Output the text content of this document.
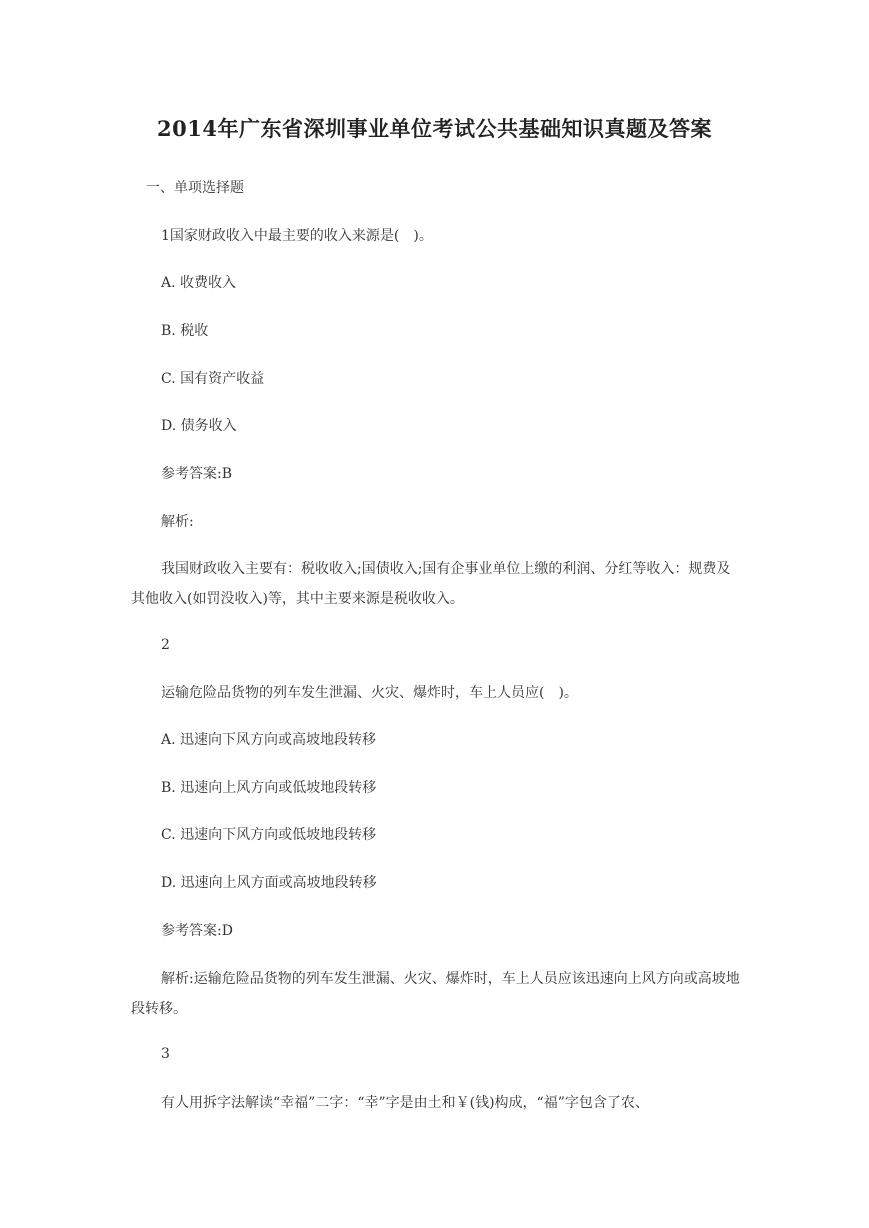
2014年广东省深圳事业单位考试公共基础知识真题及答案
一、单项选择题
1国家财政收入中最主要的收入来源是(　)。
A. 收费收入
B. 税收
C. 国有资产收益
D. 债务收入
参考答案:B
解析:
我国财政收入主要有：税收收入;国债收入;国有企事业单位上缴的利润、分红等收入：规费及其他收入(如罚没收入)等，其中主要来源是税收收入。
2
运输危险品货物的列车发生泄漏、火灾、爆炸时，车上人员应(　)。
A. 迅速向下风方向或高坡地段转移
B. 迅速向上风方向或低坡地段转移
C. 迅速向下风方向或低坡地段转移
D. 迅速向上风方面或高坡地段转移
参考答案:D
解析:运输危险品货物的列车发生泄漏、火灾、爆炸时，车上人员应该迅速向上风方向或高坡地段转移。
3
有人用拆字法解读“幸福”二字：“幸”字是由土和￥(钱)构成，“福”字包含了农、
